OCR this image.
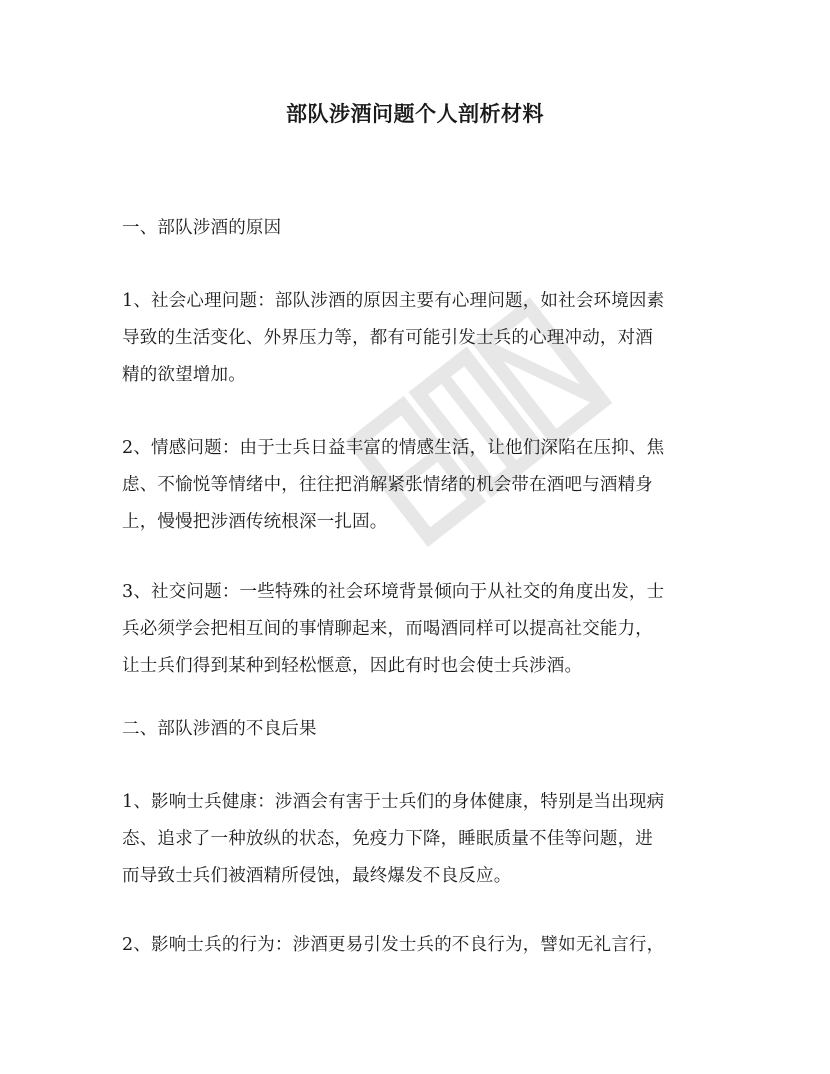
部队涉酒问题个人剖析材料

一、部队涉酒的原因

1、社会心理问题：部队涉酒的原因主要有心理问题，如社会环境因素

导致的生活变化、外界压力等，都有可能引发士兵的心理冲动，对酒

精的欲望增加。

2、情感问题：由于士兵日益丰富的情感生活，让他们深陷在压抑、焦

虑、不愉悦等情绪中，往往把消解紧张情绪的机会带在酒吧与酒精身

上，慢慢把涉酒传统根深一扎固。

3、社交问题：一些特殊的社会环境背景倾向于从社交的角度出发，士

兵必须学会把相互间的事情聊起来，而喝酒同样可以提高社交能力，

让士兵们得到某种到轻松惬意，因此有时也会使士兵涉酒。

二、部队涉酒的不良后果

1、影响士兵健康：涉酒会有害于士兵们的身体健康，特别是当出现病

态、追求了一种放纵的状态，免疫力下降，睡眠质量不佳等问题，进

而导致士兵们被酒精所侵蚀，最终爆发不良反应。

2、影响士兵的行为：涉酒更易引发士兵的不良行为，譬如无礼言行，
